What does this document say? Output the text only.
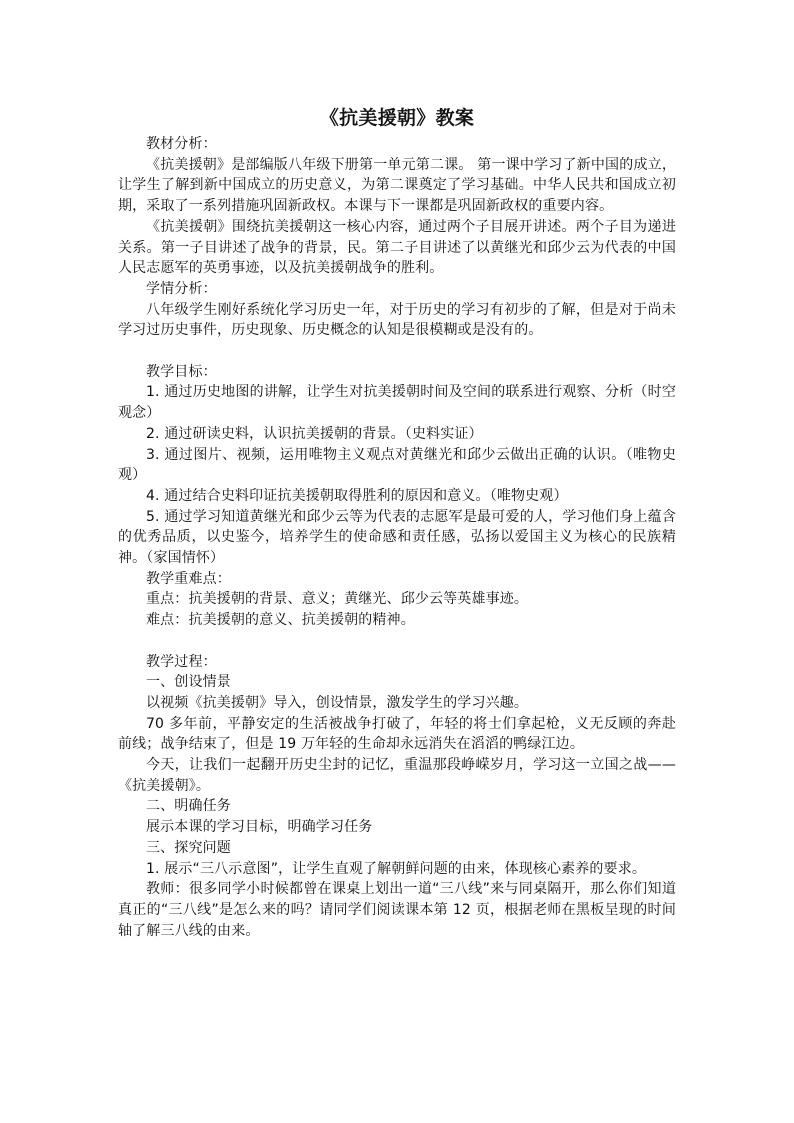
《抗美援朝》教案

教材分析：

《抗美援朝》是部编版八年级下册第一单元第二课。 第一课中学习了新中国的成立，让学生了解到新中国成立的历史意义，为第二课奠定了学习基础。中华人民共和国成立初期，采取了一系列措施巩固新政权。本课与下一课都是巩固新政权的重要内容。

《抗美援朝》围绕抗美援朝这一核心内容，通过两个子目展开讲述。两个子目为递进关系。第一子目讲述了战争的背景，民。第二子目讲述了以黄继光和邱少云为代表的中国人民志愿军的英勇事迹，以及抗美援朝战争的胜利。

学情分析：

八年级学生刚好系统化学习历史一年，对于历史的学习有初步的了解，但是对于尚未学习过历史事件，历史现象、历史概念的认知是很模糊或是没有的。

教学目标：

1. 通过历史地图的讲解，让学生对抗美援朝时间及空间的联系进行观察、分析（时空观念）

2. 通过研读史料，认识抗美援朝的背景。（史料实证）

3. 通过图片、视频，运用唯物主义观点对黄继光和邱少云做出正确的认识。（唯物史观）

4. 通过结合史料印证抗美援朝取得胜利的原因和意义。（唯物史观）

5. 通过学习知道黄继光和邱少云等为代表的志愿军是最可爱的人，学习他们身上蕴含的优秀品质，以史鉴今，培养学生的使命感和责任感，弘扬以爱国主义为核心的民族精神。（家国情怀）

教学重难点：

重点：抗美援朝的背景、意义；黄继光、邱少云等英雄事迹。

难点：抗美援朝的意义、抗美援朝的精神。

教学过程：

一、创设情景

以视频《抗美援朝》导入，创设情景，激发学生的学习兴趣。

70 多年前，平静安定的生活被战争打破了，年轻的将士们拿起枪，义无反顾的奔赴前线；战争结束了，但是 19 万年轻的生命却永远消失在滔滔的鸭绿江边。

今天，让我们一起翻开历史尘封的记忆，重温那段峥嵘岁月，学习这一立国之战——《抗美援朝》。

二、明确任务

展示本课的学习目标，明确学习任务

三、探究问题

1. 展示“三八示意图”，让学生直观了解朝鲜问题的由来，体现核心素养的要求。

教师：很多同学小时候都曾在课桌上划出一道“三八线”来与同桌隔开，那么你们知道真正的“三八线”是怎么来的吗？请同学们阅读课本第 12 页，根据老师在黑板呈现的时间轴了解三八线的由来。
